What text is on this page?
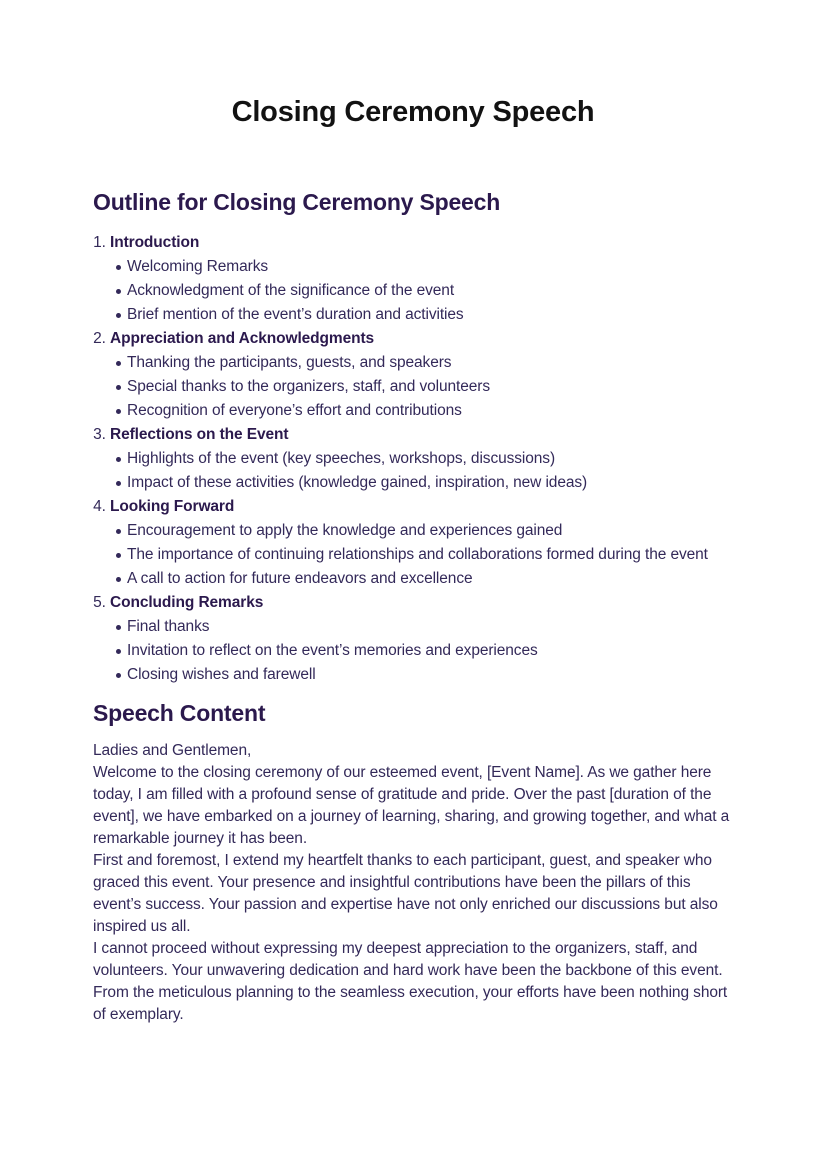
Closing Ceremony Speech
Outline for Closing Ceremony Speech
1. Introduction
Welcoming Remarks
Acknowledgment of the significance of the event
Brief mention of the event’s duration and activities
2. Appreciation and Acknowledgments
Thanking the participants, guests, and speakers
Special thanks to the organizers, staff, and volunteers
Recognition of everyone’s effort and contributions
3. Reflections on the Event
Highlights of the event (key speeches, workshops, discussions)
Impact of these activities (knowledge gained, inspiration, new ideas)
4. Looking Forward
Encouragement to apply the knowledge and experiences gained
The importance of continuing relationships and collaborations formed during the event
A call to action for future endeavors and excellence
5. Concluding Remarks
Final thanks
Invitation to reflect on the event’s memories and experiences
Closing wishes and farewell
Speech Content

Ladies and Gentlemen,

Welcome to the closing ceremony of our esteemed event, [Event Name]. As we gather here today, I am filled with a profound sense of gratitude and pride. Over the past [duration of the event], we have embarked on a journey of learning, sharing, and growing together, and what a remarkable journey it has been.

First and foremost, I extend my heartfelt thanks to each participant, guest, and speaker who graced this event. Your presence and insightful contributions have been the pillars of this event’s success. Your passion and expertise have not only enriched our discussions but also inspired us all.

I cannot proceed without expressing my deepest appreciation to the organizers, staff, and volunteers. Your unwavering dedication and hard work have been the backbone of this event. From the meticulous planning to the seamless execution, your efforts have been nothing short of exemplary.
